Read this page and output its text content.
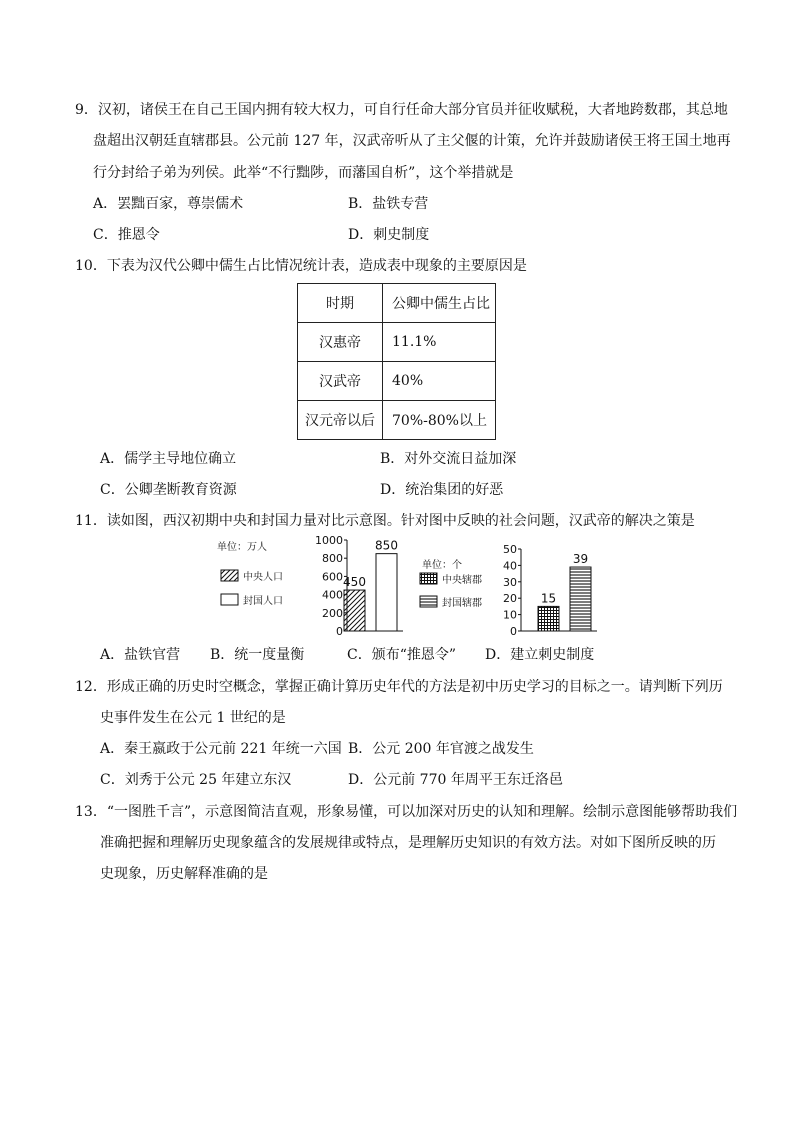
9．汉初，诸侯王在自己王国内拥有较大权力，可自行任命大部分官员并征收赋税，大者地跨数郡，其总地
盘超出汉朝廷直辖郡县。公元前 127 年，汉武帝听从了主父偃的计策，允许并鼓励诸侯王将王国土地再
行分封给子弟为列侯。此举“不行黜陟，而藩国自析”，这个举措就是
A．罢黜百家，尊崇儒术	B．盐铁专营
C．推恩令	D．刺史制度
10．下表为汉代公卿中儒生占比情况统计表，造成表中现象的主要原因是
时期	公卿中儒生占比
汉惠帝	11.1%
汉武帝	40%
汉元帝以后	70%-80%以上
A．儒学主导地位确立	B．对外交流日益加深
C．公卿垄断教育资源	D．统治集团的好恶
11．读如图，西汉初期中央和封国力量对比示意图。针对图中反映的社会问题，汉武帝的解决之策是
0
200
400
600
800
1000
450
850
单位：万人
中央人口
封国人口
0
10
20
30
40
50
15
39
单位：个
中央辖郡
封国辖郡
A．盐铁官营 B．统一度量衡	C．颁布“推恩令” D．建立刺史制度
12．形成正确的历史时空概念，掌握正确计算历史年代的方法是初中历史学习的目标之一。请判断下列历
史事件发生在公元 1 世纪的是
A．秦王嬴政于公元前 221 年统一六国 B．公元 200 年官渡之战发生
C．刘秀于公元 25 年建立东汉	D．公元前 770 年周平王东迁洛邑
13．“一图胜千言”，示意图简洁直观，形象易懂，可以加深对历史的认知和理解。绘制示意图能够帮助我们
准确把握和理解历史现象蕴含的发展规律或特点，是理解历史知识的有效方法。对如下图所反映的历
史现象，历史解释准确的是
